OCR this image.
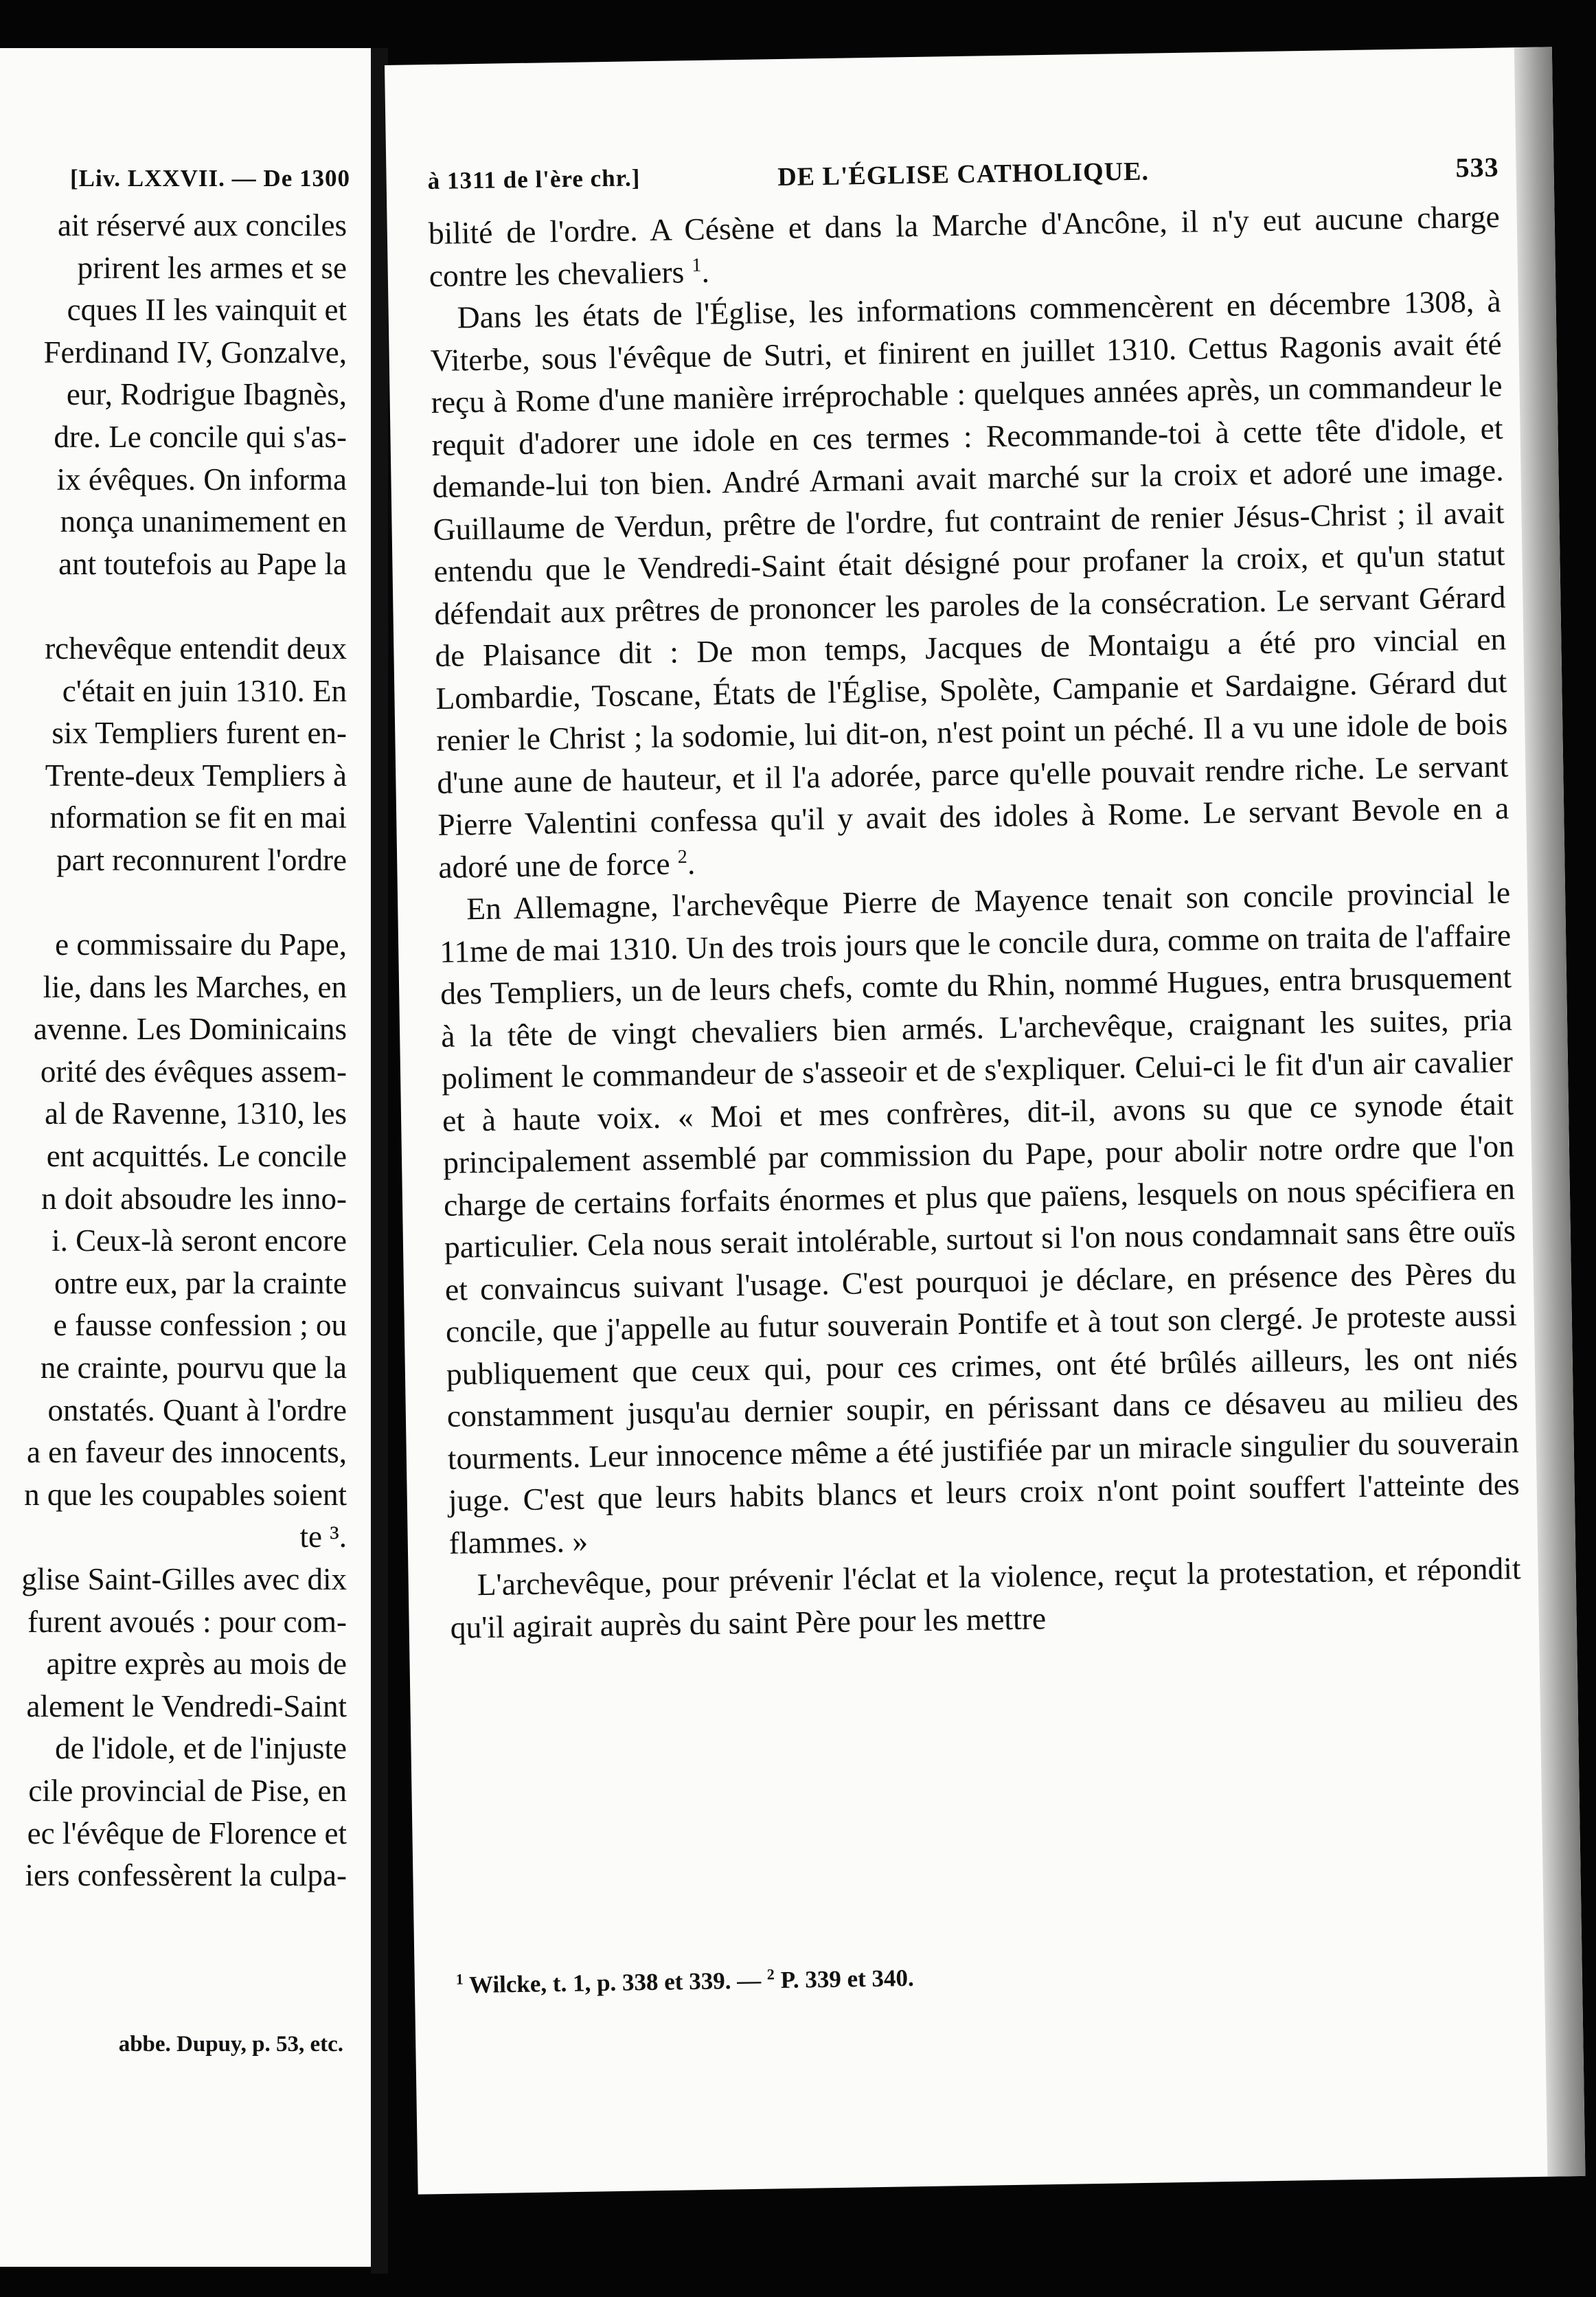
[Liv. LXXVII. — De 1300
ait réservé aux conciles
prirent les armes et se
cques II les vainquit et
Ferdinand IV, Gonzalve,
eur, Rodrigue Ibagnès,
dre. Le concile qui s'as-
ix évêques. On informa
nonça unanimement en
ant toutefois au Pape la
rchevêque entendit deux
c'était en juin 1310. En
six Templiers furent en-
Trente-deux Templiers à
nformation se fit en mai
part reconnurent l'ordre
e commissaire du Pape,
lie, dans les Marches, en
avenne. Les Dominicains
orité des évêques assem-
al de Ravenne, 1310, les
ent acquittés. Le concile
n doit absoudre les inno-
i. Ceux-là seront encore
ontre eux, par la crainte
e fausse confession ; ou
ne crainte, pourvu que la
onstatés. Quant à l'ordre
a en faveur des innocents,
n que les coupables soient
te ³.
glise Saint-Gilles avec dix
furent avoués : pour com-
apitre exprès au mois de
alement le Vendredi-Saint
de l'idole, et de l'injuste
cile provincial de Pise, en
ec l'évêque de Florence et
iers confessèrent la culpa-
abbe. Dupuy, p. 53, etc.
à 1311 de l'ère chr.]	DE L'ÉGLISE CATHOLIQUE.	533

bilité de l'ordre. A Césène et dans la Marche d'Ancône, il n'y eut aucune charge contre les chevaliers $^1$.

Dans les états de l'Église, les informations commencèrent en décembre 1308, à Viterbe, sous l'évêque de Sutri, et finirent en juillet 1310. Cettus Ragonis avait été reçu à Rome d'une manière irréprochable : quelques années après, un commandeur le requit d'adorer une idole en ces termes : Recommande-toi à cette tête d'idole, et demande-lui ton bien. André Armani avait marché sur la croix et adoré une image. Guillaume de Verdun, prêtre de l'ordre, fut contraint de renier Jésus-Christ ; il avait entendu que le Vendredi-Saint était désigné pour profaner la croix, et qu'un statut défendait aux prêtres de prononcer les paroles de la consécration. Le servant Gérard de Plaisance dit : De mon temps, Jacques de Montaigu a été pro vincial en Lombardie, Toscane, États de l'Église, Spolète, Campanie et Sardaigne. Gérard dut renier le Christ ; la sodomie, lui dit-on, n'est point un péché. Il a vu une idole de bois d'une aune de hauteur, et il l'a adorée, parce qu'elle pouvait rendre riche. Le servant Pierre Valentini confessa qu'il y avait des idoles à Rome. Le servant Bevole en a adoré une de force $^2$.

En Allemagne, l'archevêque Pierre de Mayence tenait son concile provincial le 11me de mai 1310. Un des trois jours que le concile dura, comme on traita de l'affaire des Templiers, un de leurs chefs, comte du Rhin, nommé Hugues, entra brusquement à la tête de vingt chevaliers bien armés. L'archevêque, craignant les suites, pria poliment le commandeur de s'asseoir et de s'expliquer. Celui-ci le fit d'un air cavalier et à haute voix. « Moi et mes confrères, dit-il, avons su que ce synode était principalement assemblé par commission du Pape, pour abolir notre ordre que l'on charge de certains forfaits énormes et plus que païens, lesquels on nous spécifiera en particulier. Cela nous serait intolérable, surtout si l'on nous condamnait sans être ouïs et convaincus suivant l'usage. C'est pourquoi je déclare, en présence des Pères du concile, que j'appelle au futur souverain Pontife et à tout son clergé. Je proteste aussi publiquement que ceux qui, pour ces crimes, ont été brûlés ailleurs, les ont niés constamment jusqu'au dernier soupir, en périssant dans ce désaveu au milieu des tourments. Leur innocence même a été justifiée par un miracle singulier du souverain juge. C'est que leurs habits blancs et leurs croix n'ont point souffert l'atteinte des flammes. »

L'archevêque, pour prévenir l'éclat et la violence, reçut la protestation, et répondit qu'il agirait auprès du saint Père pour les mettre

$^1$ Wilcke, t. 1, p. 338 et 339. — $^2$ P. 339 et 340.
